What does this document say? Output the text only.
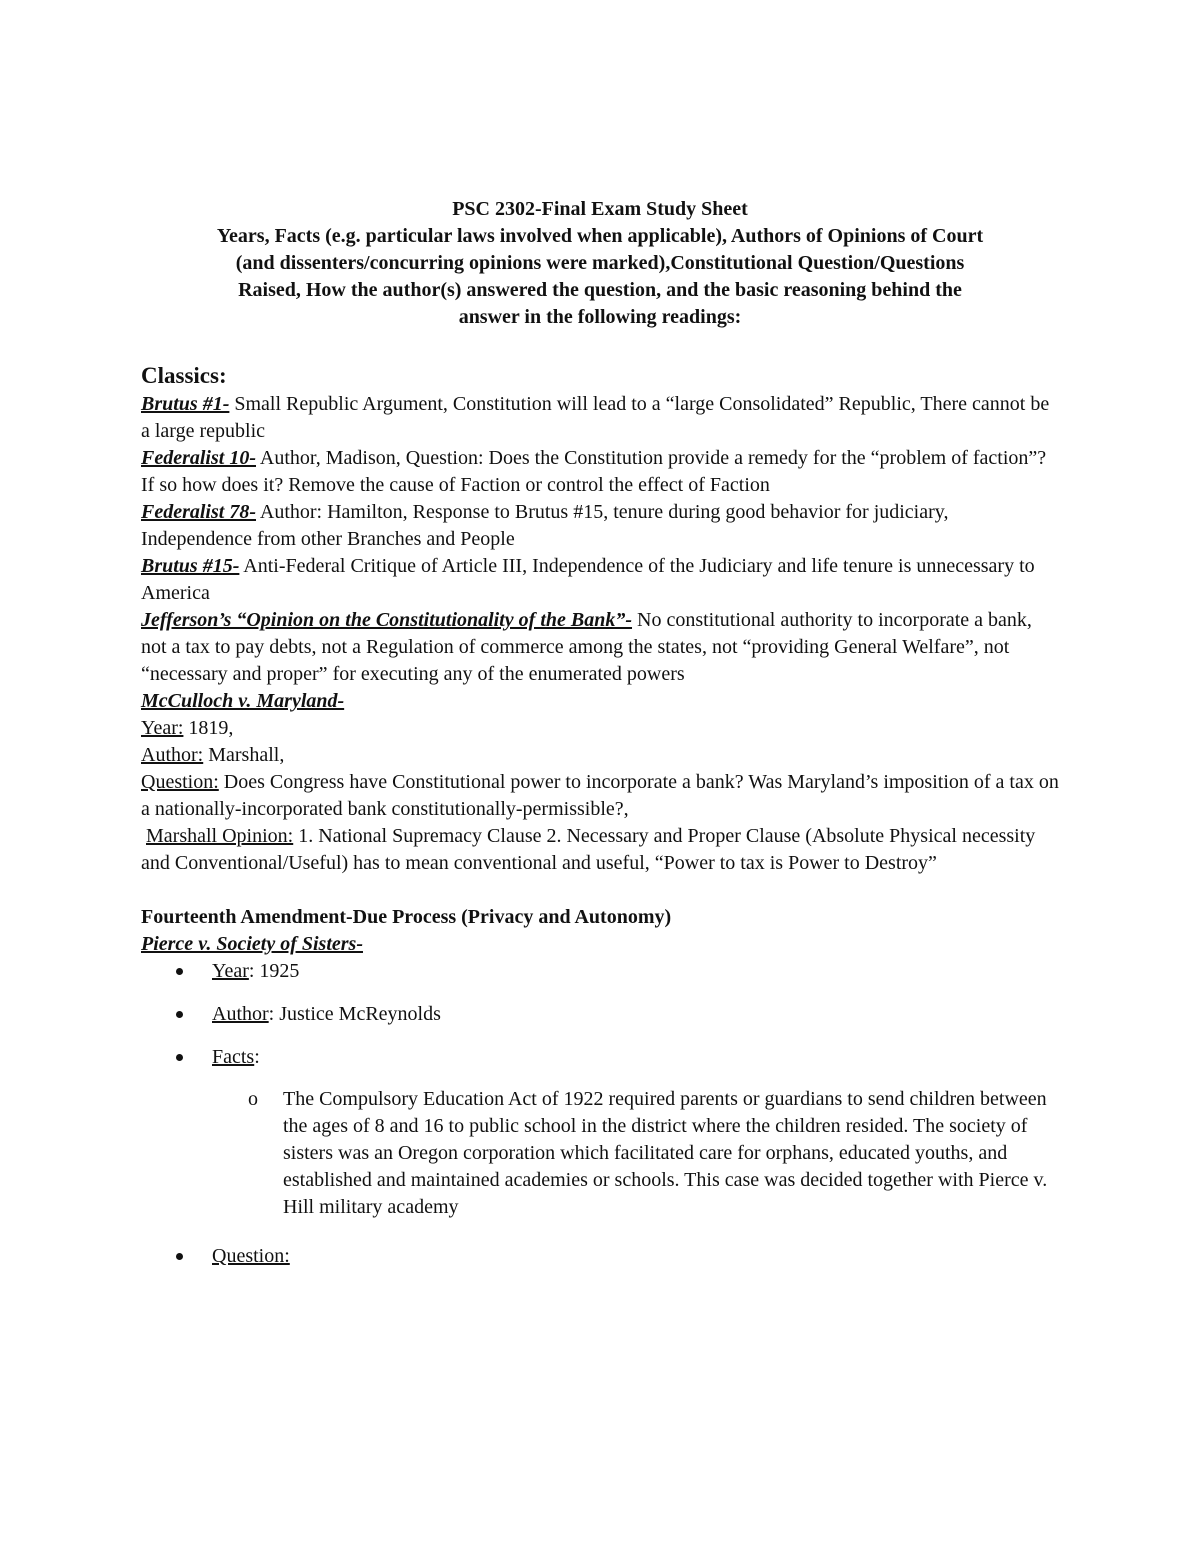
PSC 2302-Final Exam Study Sheet
Years, Facts (e.g. particular laws involved when applicable), Authors of Opinions of Court
(and dissenters/concurring opinions were marked),Constitutional Question/Questions
Raised, How the author(s) answered the question, and the basic reasoning behind the
answer in the following readings:
Classics:

Brutus #1- Small Republic Argument, Constitution will lead to a “large Consolidated” Republic, There cannot be a large republic

Federalist 10- Author, Madison, Question: Does the Constitution provide a remedy for the “problem of faction”? If so how does it? Remove the cause of Faction or control the effect of Faction

Federalist 78- Author: Hamilton, Response to Brutus #15, tenure during good behavior for judiciary, Independence from other Branches and People

Brutus #15- Anti-Federal Critique of Article III, Independence of the Judiciary and life tenure is unnecessary to America

Jefferson’s “Opinion on the Constitutionality of the Bank”- No constitutional authority to incorporate a bank, not a tax to pay debts, not a Regulation of commerce among the states, not “providing General Welfare”, not “necessary and proper” for executing any of the enumerated powers

McCulloch v. Maryland-

Year: 1819,

Author: Marshall,

Question: Does Congress have Constitutional power to incorporate a bank? Was Maryland’s imposition of a tax on a nationally-incorporated bank constitutionally-permissible?,

Marshall Opinion: 1. National Supremacy Clause 2. Necessary and Proper Clause (Absolute Physical necessity and Conventional/Useful) has to mean conventional and useful, “Power to tax is Power to Destroy”

Fourteenth Amendment-Due Process (Privacy and Autonomy)

Pierce v. Society of Sisters-

Year: 1925
Author: Justice McReynolds
Facts:
o The Compulsory Education Act of 1922 required parents or guardians to send children between the ages of 8 and 16 to public school in the district where the children resided. The society of sisters was an Oregon corporation which facilitated care for orphans, educated youths, and established and maintained academies or schools. This case was decided together with Pierce v. Hill military academy
Question:
